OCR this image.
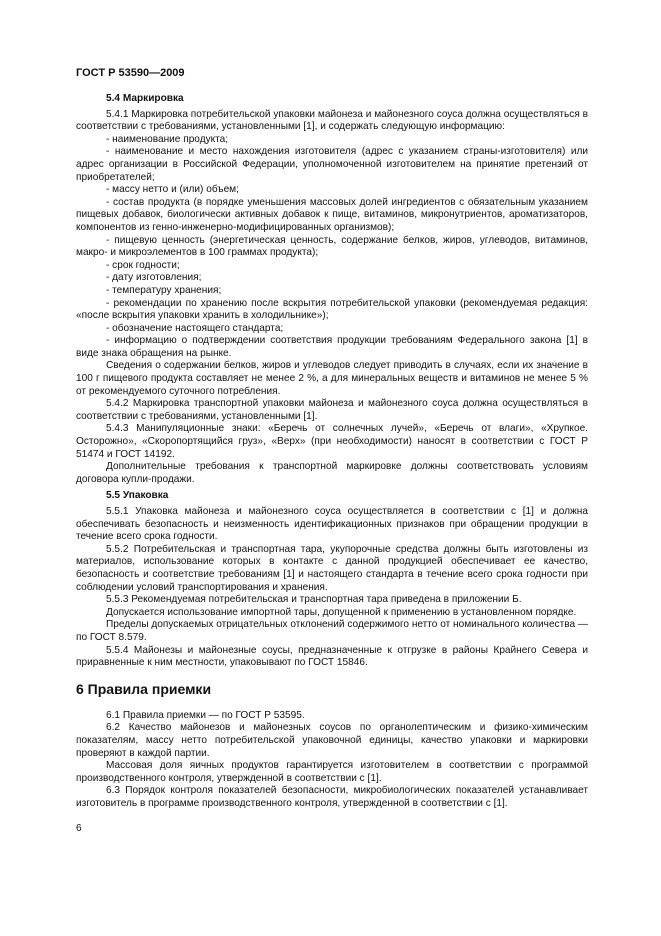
ГОСТ Р 53590—2009
5.4 Маркировка

5.4.1 Маркировка потребительской упаковки майонеза и майонезного соуса должна осуществляться в соответствии с требованиями, установленными [1], и содержать следующую информацию:

- наименование продукта;

- наименование и место нахождения изготовителя (адрес с указанием страны-изготовителя) или адрес организации в Российской Федерации, уполномоченной изготовителем на принятие претензий от приобретателей;

- массу нетто и (или) объем;

- состав продукта (в порядке уменьшения массовых долей ингредиентов с обязательным указанием пищевых добавок, биологически активных добавок к пище, витаминов, микронутриентов, ароматизаторов, компонентов из генно-инженерно-модифицированных организмов);

- пищевую ценность (энергетическая ценность, содержание белков, жиров, углеводов, витаминов, макро- и микроэлементов в 100 граммах продукта);

- срок годности;

- дату изготовления;

- температуру хранения;

- рекомендации по хранению после вскрытия потребительской упаковки (рекомендуемая редакция: «после вскрытия упаковки хранить в холодильнике»);

- обозначение настоящего стандарта;

- информацию о подтверждении соответствия продукции требованиям Федерального закона [1] в виде знака обращения на рынке.

Сведения о содержании белков, жиров и углеводов следует приводить в случаях, если их значение в 100 г пищевого продукта составляет не менее 2 %, а для минеральных веществ и витаминов не менее 5 % от рекомендуемого суточного потребления.

5.4.2 Маркировка транспортной упаковки майонеза и майонезного соуса должна осуществляться в соответствии с требованиями, установленными [1].

5.4.3 Манипуляционные знаки: «Беречь от солнечных лучей», «Беречь от влаги», «Хрупкое. Осторожно», «Скоропортящийся груз», «Верх» (при необходимости) наносят в соответствии с ГОСТ Р 51474 и ГОСТ 14192.

Дополнительные требования к транспортной маркировке должны соответствовать условиям договора купли-продажи.

5.5 Упаковка

5.5.1 Упаковка майонеза и майонезного соуса осуществляется в соответствии с [1] и должна обеспечивать безопасность и неизменность идентификационных признаков при обращении продукции в течение всего срока годности.

5.5.2 Потребительская и транспортная тара, укупорочные средства должны быть изготовлены из материалов, использование которых в контакте с данной продукцией обеспечивает ее качество, безопасность и соответствие требованиям [1] и настоящего стандарта в течение всего срока годности при соблюдении условий транспортирования и хранения.

5.5.3 Рекомендуемая потребительская и транспортная тара приведена в приложении Б.

Допускается использование импортной тары, допущенной к применению в установленном порядке.

Пределы допускаемых отрицательных отклонений содержимого нетто от номинального количества — по ГОСТ 8.579.

5.5.4 Майонезы и майонезные соусы, предназначенные к отгрузке в районы Крайнего Севера и приравненные к ним местности, упаковывают по ГОСТ 15846.

6 Правила приемки

6.1 Правила приемки — по ГОСТ Р 53595.

6.2 Качество майонезов и майонезных соусов по органолептическим и физико-химическим показателям, массу нетто потребительской упаковочной единицы, качество упаковки и маркировки проверяют в каждой партии.

Массовая доля яичных продуктов гарантируется изготовителем в соответствии с программой производственного контроля, утвержденной в соответствии с [1].

6.3 Порядок контроля показателей безопасности, микробиологических показателей устанавливает изготовитель в программе производственного контроля, утвержденной в соответствии с [1].

6
